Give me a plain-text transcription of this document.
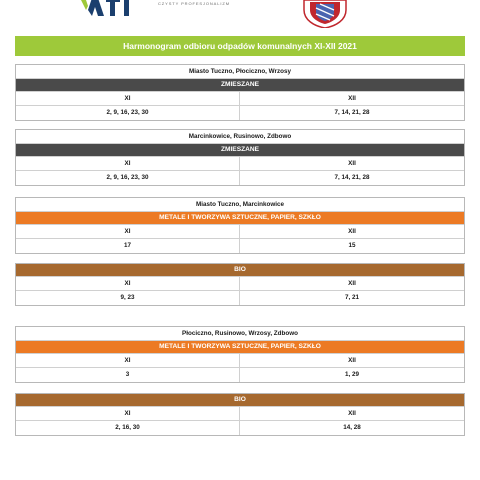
CZYSTY PROFESJONALIZM
Harmonogram odbioru odpadów komunalnych XI-XII 2021
Miasto Tuczno, Płociczno, Wrzosy
ZMIESZANE
XI	XII
2, 9, 16, 23, 30	7, 14, 21, 28
Marcinkowice, Rusinowo, Zdbowo
ZMIESZANE
XI	XII
2, 9, 16, 23, 30	7, 14, 21, 28
Miasto Tuczno, Marcinkowice
METALE I TWORZYWA SZTUCZNE, PAPIER, SZKŁO
XI	XII
17	15
BIO
XI	XII
9, 23	7, 21
Płociczno, Rusinowo, Wrzosy, Zdbowo
METALE I TWORZYWA SZTUCZNE, PAPIER, SZKŁO
XI	XII
3	1, 29
BIO
XI	XII
2, 16, 30	14, 28
